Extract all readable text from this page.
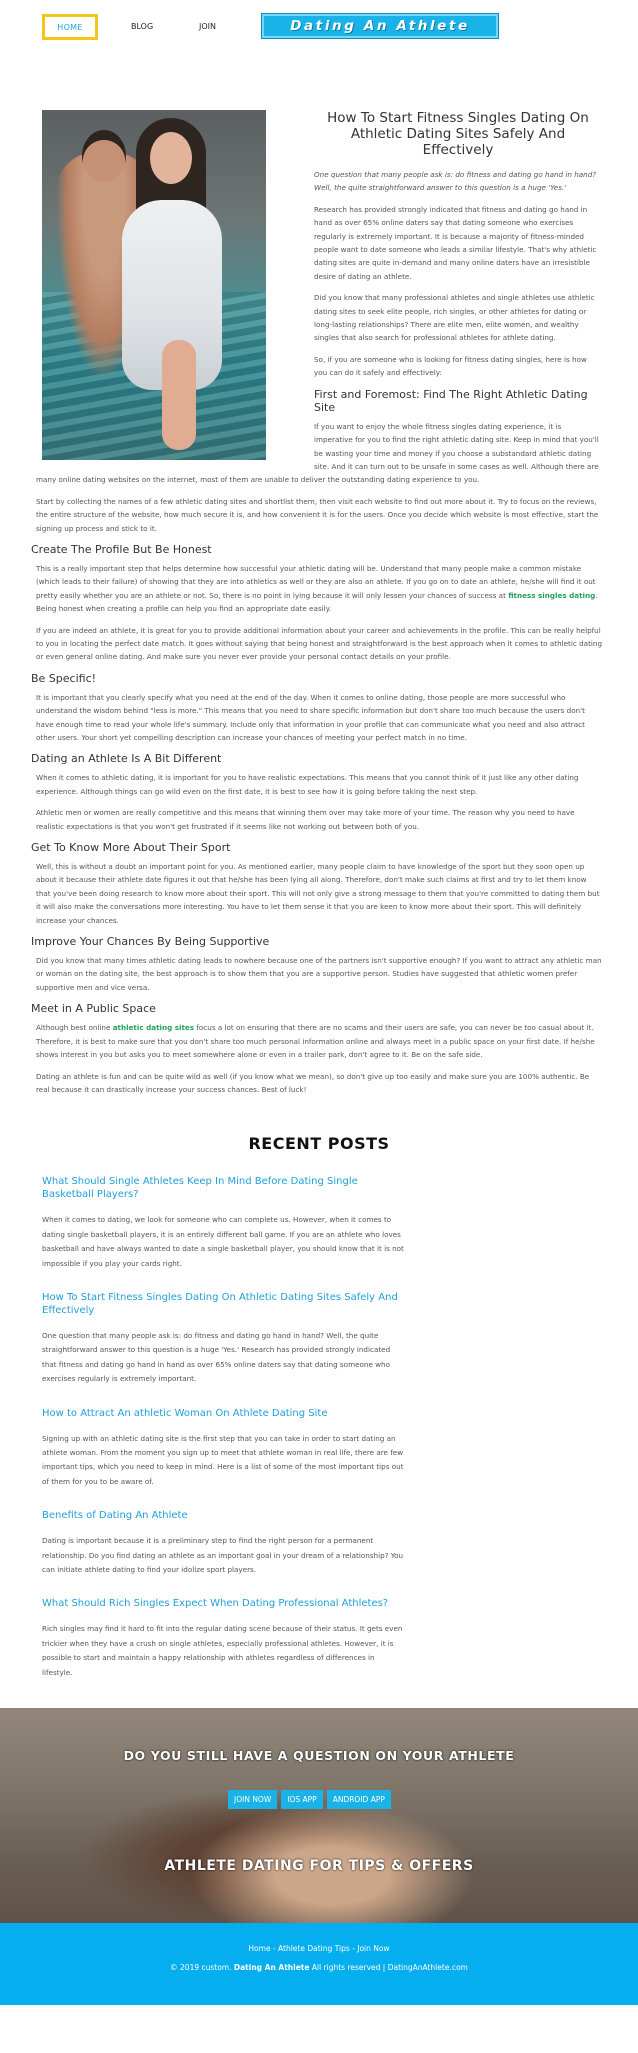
HOME	BLOG	JOIN	Dating An Athlete
How To Start Fitness Singles Dating On Athletic Dating Sites Safely And Effectively

One question that many people ask is: do fitness and dating go hand in hand? Well, the quite straightforward answer to this question is a huge 'Yes.'

Research has provided strongly indicated that fitness and dating go hand in hand as over 65% online daters say that dating someone who exercises regularly is extremely important. It is because a majority of fitness-minded people want to date someone who leads a similar lifestyle. That's why athletic dating sites are quite in-demand and many online daters have an irresistible desire of dating an athlete.

Did you know that many professional athletes and single athletes use athletic dating sites to seek elite people, rich singles, or other athletes for dating or long-lasting relationships? There are elite men, elite women, and wealthy singles that also search for professional athletes for athlete dating.

So, if you are someone who is looking for fitness dating singles, here is how you can do it safely and effectively:

First and Foremost: Find The Right Athletic Dating Site

If you want to enjoy the whole fitness singles dating experience, it is imperative for you to find the right athletic dating site. Keep in mind that you'll be wasting your time and money if you choose a substandard athletic dating site. And it can turn out to be unsafe in some cases as well. Although there are many online dating websites on the internet, most of them are unable to deliver the outstanding dating experience to you.

Start by collecting the names of a few athletic dating sites and shortlist them, then visit each website to find out more about it. Try to focus on the reviews, the entire structure of the website, how much secure it is, and how convenient it is for the users. Once you decide which website is most effective, start the signing up process and stick to it.

Create The Profile But Be Honest

This is a really important step that helps determine how successful your athletic dating will be. Understand that many people make a common mistake (which leads to their failure) of showing that they are into athletics as well or they are also an athlete. If you go on to date an athlete, he/she will find it out pretty easily whether you are an athlete or not. So, there is no point in lying because it will only lessen your chances of success at fitness singles dating. Being honest when creating a profile can help you find an appropriate date easily.

If you are indeed an athlete, it is great for you to provide additional information about your career and achievements in the profile. This can be really helpful to you in locating the perfect date match. It goes without saying that being honest and straightforward is the best approach when it comes to athletic dating or even general online dating. And make sure you never ever provide your personal contact details on your profile.

Be Specific!

It is important that you clearly specify what you need at the end of the day. When it comes to online dating, those people are more successful who understand the wisdom behind "less is more." This means that you need to share specific information but don't share too much because the users don't have enough time to read your whole life's summary. Include only that information in your profile that can communicate what you need and also attract other users. Your short yet compelling description can increase your chances of meeting your perfect match in no time.

Dating an Athlete Is A Bit Different

When it comes to athletic dating, it is important for you to have realistic expectations. This means that you cannot think of it just like any other dating experience. Although things can go wild even on the first date, it is best to see how it is going before taking the next step.

Athletic men or women are really competitive and this means that winning them over may take more of your time. The reason why you need to have realistic expectations is that you won't get frustrated if it seems like not working out between both of you.

Get To Know More About Their Sport

Well, this is without a doubt an important point for you. As mentioned earlier, many people claim to have knowledge of the sport but they soon open up about it because their athlete date figures it out that he/she has been lying all along. Therefore, don't make such claims at first and try to let them know that you've been doing research to know more about their sport. This will not only give a strong message to them that you're committed to dating them but it will also make the conversations more interesting. You have to let them sense it that you are keen to know more about their sport. This will definitely increase your chances.

Improve Your Chances By Being Supportive

Did you know that many times athletic dating leads to nowhere because one of the partners isn't supportive enough? If you want to attract any athletic man or woman on the dating site, the best approach is to show them that you are a supportive person. Studies have suggested that athletic women prefer supportive men and vice versa.

Meet in A Public Space

Although best online athletic dating sites focus a lot on ensuring that there are no scams and their users are safe, you can never be too casual about it. Therefore, it is best to make sure that you don't share too much personal information online and always meet in a public space on your first date. If he/she shows interest in you but asks you to meet somewhere alone or even in a trailer park, don't agree to it. Be on the safe side.

Dating an athlete is fun and can be quite wild as well (if you know what we mean), so don't give up too easily and make sure you are 100% authentic. Be real because it can drastically increase your success chances. Best of luck!

RECENT POSTS
What Should Single Athletes Keep In Mind Before Dating Single Basketball Players?

When it comes to dating, we look for someone who can complete us. However, when it comes to dating single basketball players, it is an entirely different ball game. If you are an athlete who loves basketball and have always wanted to date a single basketball player, you should know that it is not impossible if you play your cards right.

How To Start Fitness Singles Dating On Athletic Dating Sites Safely And Effectively

One question that many people ask is: do fitness and dating go hand in hand? Well, the quite straightforward answer to this question is a huge 'Yes.' Research has provided strongly indicated that fitness and dating go hand in hand as over 65% online daters say that dating someone who exercises regularly is extremely important.

How to Attract An athletic Woman On Athlete Dating Site

Signing up with an athletic dating site is the first step that you can take in order to start dating an athlete woman. From the moment you sign up to meet that athlete woman in real life, there are few important tips, which you need to keep in mind. Here is a list of some of the most important tips out of them for you to be aware of.

Benefits of Dating An Athlete

Dating is important because it is a preliminary step to find the right person for a permanent relationship. Do you find dating an athlete as an important goal in your dream of a relationship? You can initiate athlete dating to find your idolize sport players.

What Should Rich Singles Expect When Dating Professional Athletes?

Rich singles may find it hard to fit into the regular dating scene because of their status. It gets even trickier when they have a crush on single athletes, especially professional athletes. However, it is possible to start and maintain a happy relationship with athletes regardless of differences in lifestyle.

DO YOU STILL HAVE A QUESTION ON YOUR ATHLETE
JOIN NOW	IOS APP	ANDROID APP
ATHLETE DATING FOR TIPS & OFFERS
Home - Athlete Dating Tips - Join Now
© 2019 custom. Dating An Athlete All rights reserved | DatingAnAthlete.com
